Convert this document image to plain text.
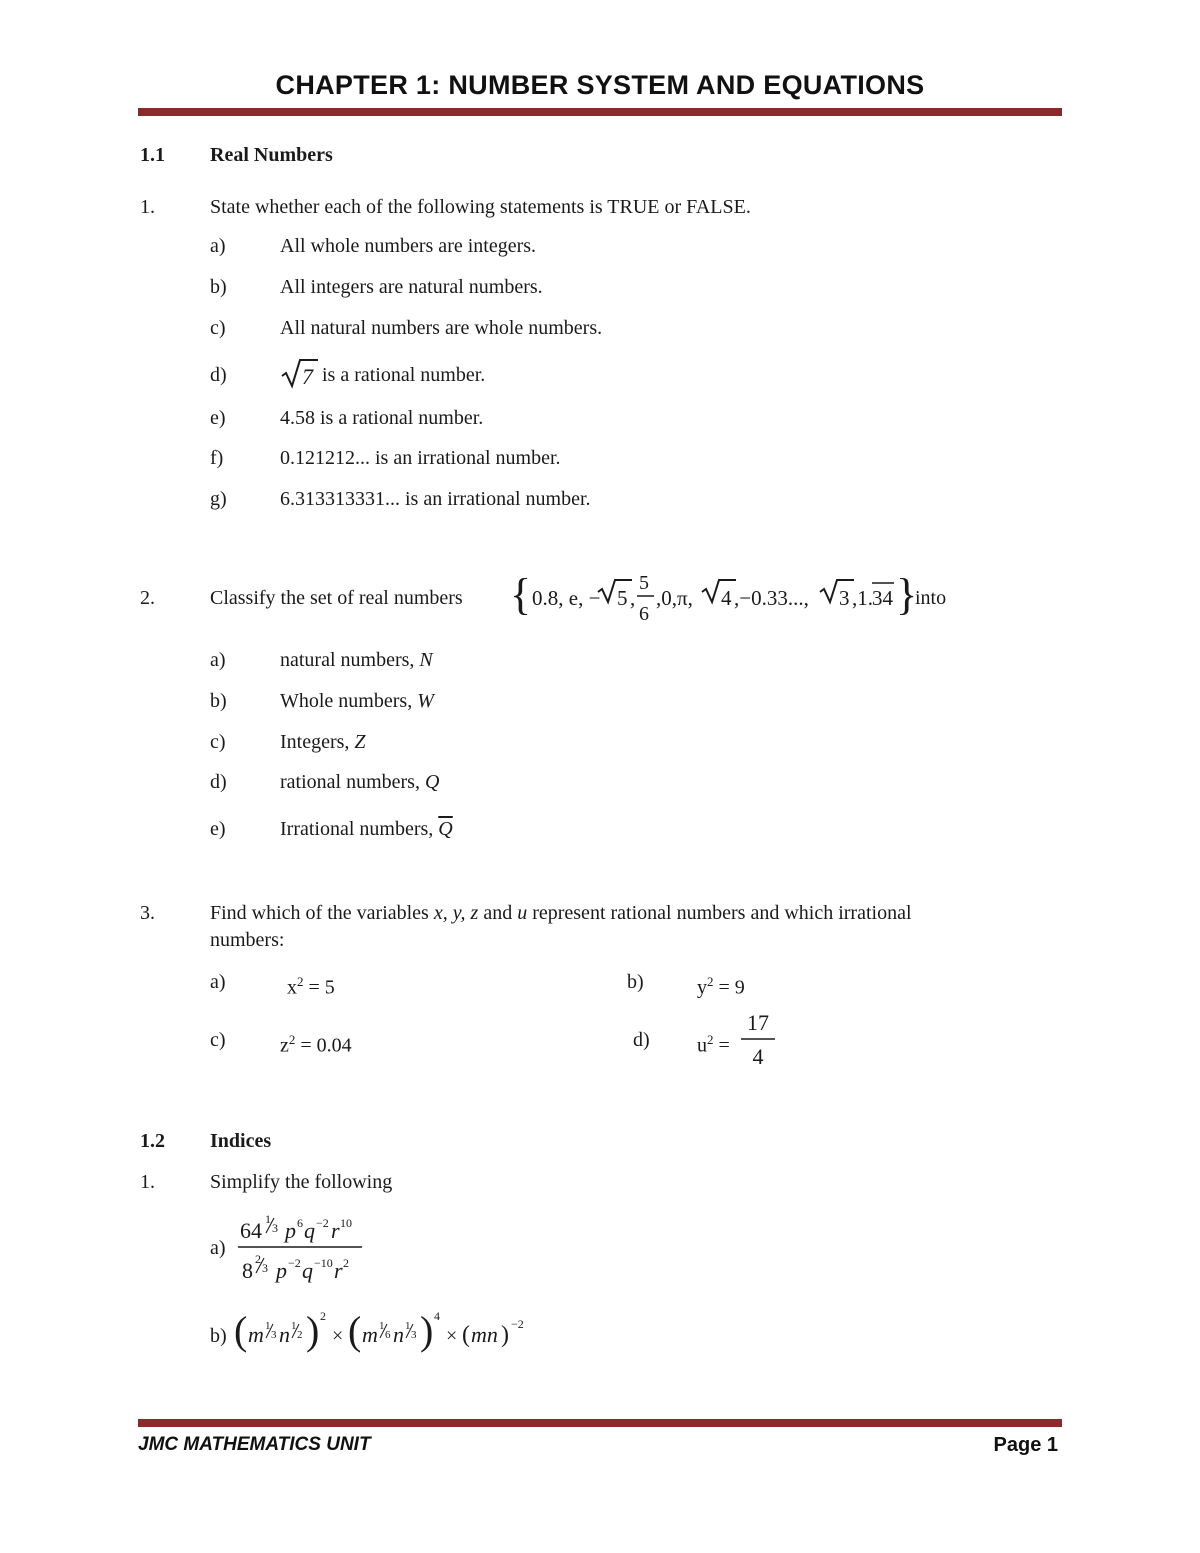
CHAPTER 1: NUMBER SYSTEM AND EQUATIONS
1.1 Real Numbers
1.	State whether each of the following statements is TRUE or FALSE.
a)	All whole numbers are integers.
b)	All integers are natural numbers.
c)	All natural numbers are whole numbers.
d)	7 is a rational number.
e)	4.58 is a rational number.
f)	0.121212... is an irrational number.
g)	6.313313331... is an irrational number.
2.	Classify the set of real numbers { 0.8, e, − 5 ,
5
6
,0,π, 4 ,−0.33..., 3 ,1. 34 }
into
a)	natural numbers, N
b)	Whole numbers, W
c)	Integers, Z
d)	rational numbers, Q
e)	Irrational numbers, $\overline{Q}$
3.	Find which of the variables x, y, z and u represent rational numbers and which irrational
numbers:
a)	$x^2 = 5$	b)	$y^2 = 9$
c)	$z^2 = 0.04$	d) $u^2$ =
17
4
1.2 Indices
1.	Simplify the following
a)
64 1
3 p 6 q −2 r 10
8 2
3 p −2 q −10 r 2
b) ( m 1
3 n 1
2 ) 2
× ( m 1
6 n 1
3 ) 4
× ( mn ) −2
JMC MATHEMATICS UNIT	Page 1
